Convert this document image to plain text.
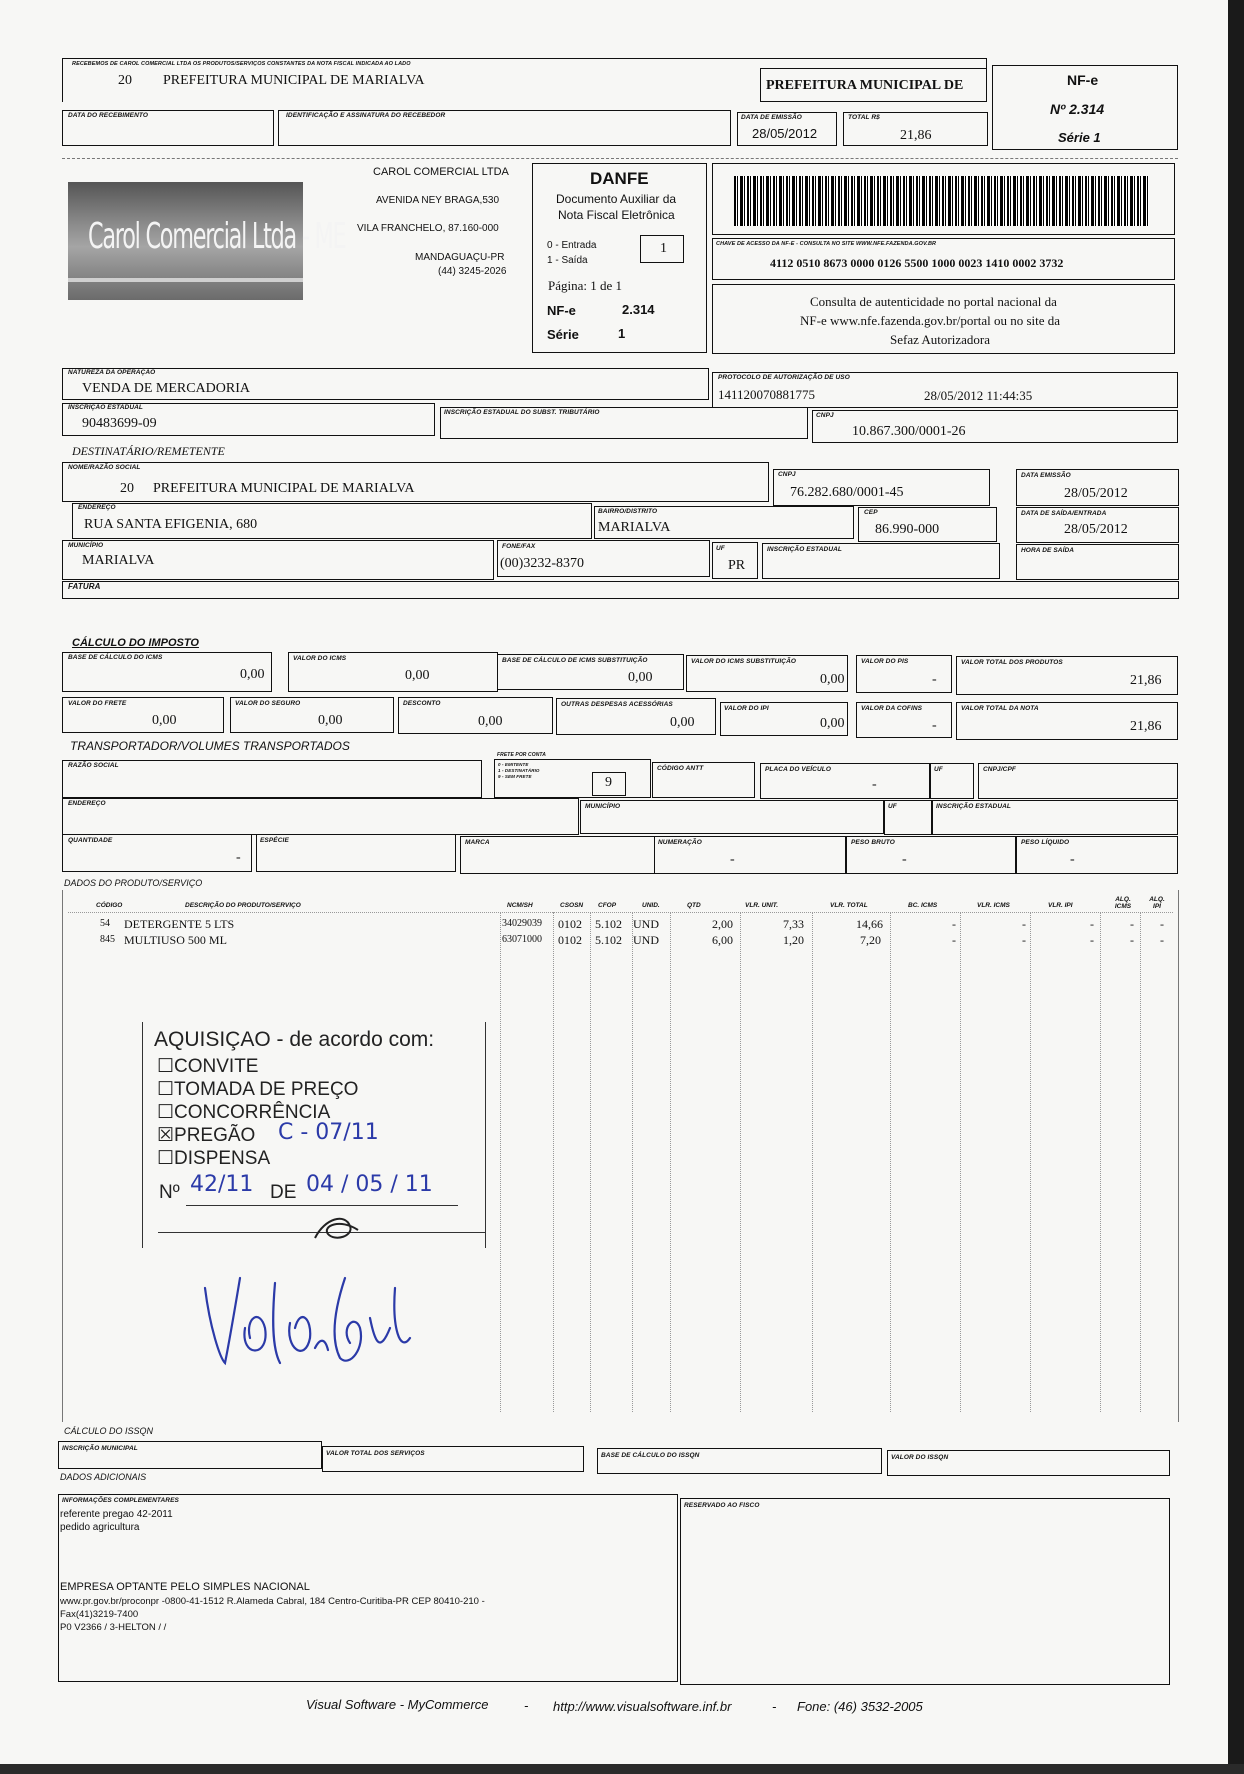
RECEBEMOS DE CAROL COMERCIAL LTDA OS PRODUTOS/SERVIÇOS CONSTANTES DA NOTA FISCAL INDICADA AO LADO
20 PREFEITURA MUNICIPAL DE MARIALVA	PREFEITURA MUNICIPAL DE
DATA DO RECEBIMENTO	IDENTIFICAÇÃO E ASSINATURA DO RECEBEDOR	DATA DE EMISSÃO
28/05/2012
TOTAL R$
21,86
NF-e
Nº 2.314
Série 1
Carol Comercial Ltda - ME
CAROL COMERCIAL LTDA
AVENIDA NEY BRAGA,530
VILA FRANCHELO, 87.160-000
MANDAGUAÇU-PR
(44) 3245-2026
DANFE
Documento Auxiliar da
Nota Fiscal Eletrônica
0 - Entrada
1 - Saída
1
Página: 1 de 1
NF-e	2.314
Série	1
CHAVE DE ACESSO DA NF-E - CONSULTA NO SITE WWW.NFE.FAZENDA.GOV.BR
4112 0510 8673 0000 0126 5500 1000 0023 1410 0002 3732
Consulta de autenticidade no portal nacional da
NF-e www.nfe.fazenda.gov.br/portal ou no site da
Sefaz Autorizadora
NATUREZA DA OPERAÇÃO
VENDA DE MERCADORIA
PROTOCOLO DE AUTORIZAÇÃO DE USO
141120070881775	28/05/2012 11:44:35
INSCRIÇÃO ESTADUAL
90483699-09
INSCRIÇÃO ESTADUAL DO SUBST. TRIBUTÁRIO	CNPJ
10.867.300/0001-26
DESTINATÁRIO/REMETENTE
NOME/RAZÃO SOCIAL
20 PREFEITURA MUNICIPAL DE MARIALVA
CNPJ
76.282.680/0001-45
DATA EMISSÃO
28/05/2012
ENDEREÇO
RUA SANTA EFIGENIA, 680
BAIRRO/DISTRITO
MARIALVA
CEP
86.990-000
DATA DE SAÍDA/ENTRADA
28/05/2012
MUNICÍPIO
MARIALVA
FONE/FAX
(00)3232-8370
UF
PR
INSCRIÇÃO ESTADUAL	HORA DE SAÍDA
FATURA
CÁLCULO DO IMPOSTO
BASE DE CÁLCULO DO ICMS
0,00
VALOR DO ICMS
0,00
BASE DE CÁLCULO DE ICMS SUBSTITUIÇÃO
0,00
VALOR DO ICMS SUBSTITUIÇÃO
0,00
VALOR DO PIS
-
VALOR TOTAL DOS PRODUTOS
21,86
VALOR DO FRETE
0,00
VALOR DO SEGURO
0,00
DESCONTO
0,00
OUTRAS DESPESAS ACESSÓRIAS
0,00
VALOR DO IPI
0,00
VALOR DA COFINS
-
VALOR TOTAL DA NOTA
21,86
TRANSPORTADOR/VOLUMES TRANSPORTADOS
RAZÃO SOCIAL
FRETE POR CONTA
0 - EMITENTE
1 - DESTINATÁRIO
9 - SEM FRETE	9
CÓDIGO ANTT	PLACA DO VEÍCULO
-
UF	CNPJ/CPF
ENDEREÇO	MUNICÍPIO	UF	INSCRIÇÃO ESTADUAL
QUANTIDADE
-
ESPÉCIE	MARCA	NUMERAÇÃO
-
PESO BRUTO
-
PESO LÍQUIDO
-
DADOS DO PRODUTO/SERVIÇO
CÓDIGO	DESCRIÇÃO DO PRODUTO/SERVIÇO	NCM/SH	CSOSN CFOP	UNID.	QTD	VLR. UNIT.	VLR. TOTAL	BC. ICMS	VLR. ICMS	VLR. IPI
ALQ. ICMS
ALQ. IPI
54 DETERGENTE 5 LTS	34029039 0102 5.102 UND	2,00	7,33	14,66	-	-	-	- -
845 MULTIUSO 500 ML	63071000 0102 5.102 UND	6,00	1,20	7,20	-	-	-	- -
AQUISIÇAO - de acordo com:
☐CONVITE
☐TOMADA DE PREÇO
☐CONCORRÊNCIA
☒PREGÃO C - 07/11
☐DISPENSA
Nº 42/11 DE 04 / 05 / 11
CÁLCULO DO ISSQN
INSCRIÇÃO MUNICIPAL
VALOR TOTAL DOS SERVIÇOS	BASE DE CÁLCULO DO ISSQN	VALOR DO ISSQN
DADOS ADICIONAIS
INFORMAÇÕES COMPLEMENTARES
referente pregao 42-2011
pedido agricultura
EMPRESA OPTANTE PELO SIMPLES NACIONAL
www.pr.gov.br/proconpr -0800-41-1512 R.Alameda Cabral, 184 Centro-Curitiba-PR CEP 80410-210 -
Fax(41)3219-7400
P0 V2366 / 3-HELTON / /
RESERVADO AO FISCO
Visual Software - MyCommerce	- http://www.visualsoftware.inf.br	- Fone: (46) 3532-2005
